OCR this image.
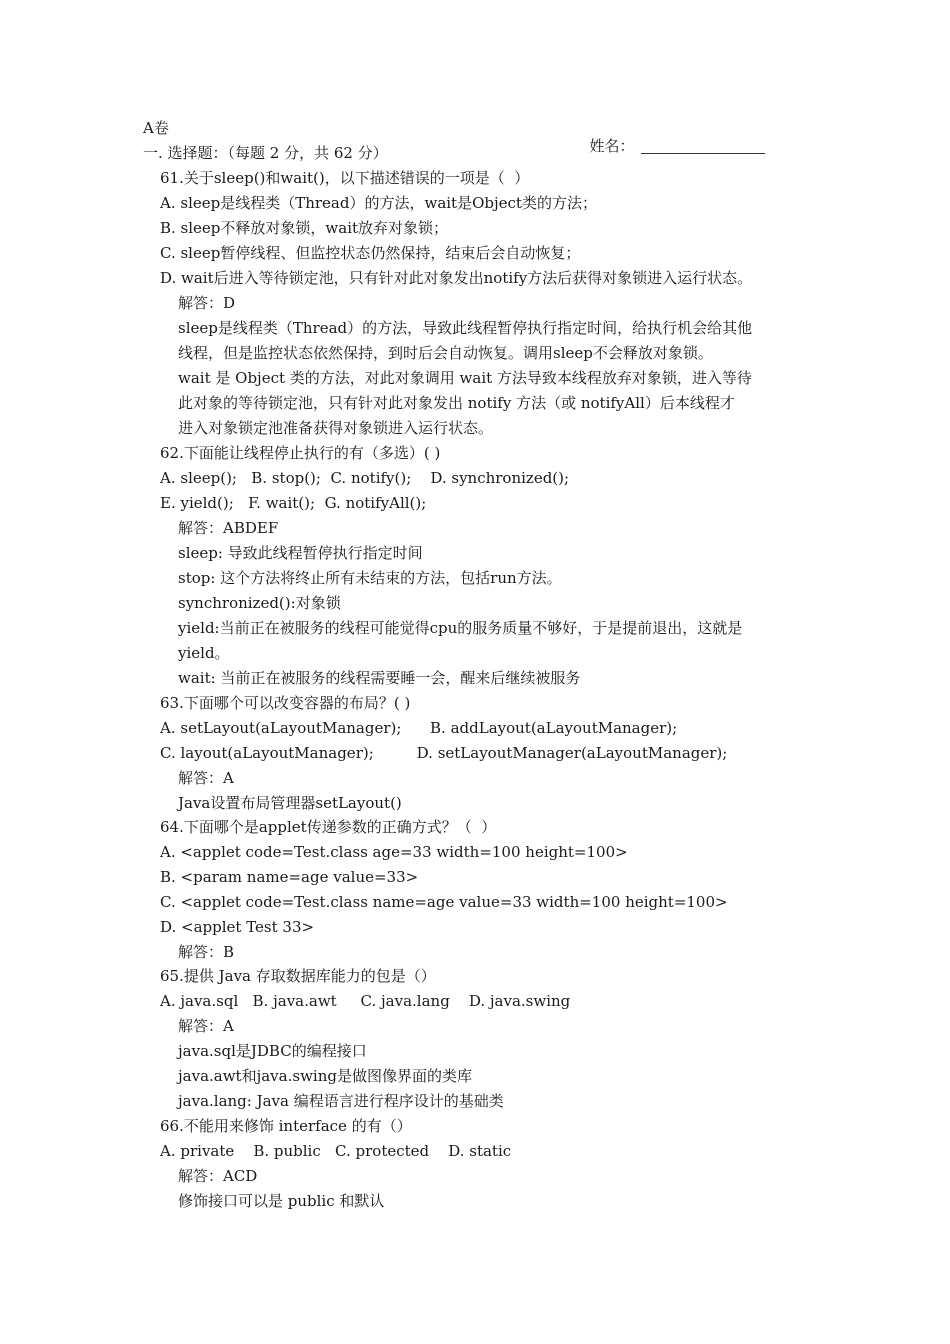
A卷

姓名：

一. 选择题：（每题 2 分，共 62 分）
61.关于sleep()和wait()，以下描述错误的一项是（  ）
A. sleep是线程类（Thread）的方法，wait是Object类的方法；
B. sleep不释放对象锁，wait放弃对象锁；
C. sleep暂停线程、但监控状态仍然保持，结束后会自动恢复；
D. wait后进入等待锁定池，只有针对此对象发出notify方法后获得对象锁进入运行状态。
解答：D
sleep是线程类（Thread）的方法，导致此线程暂停执行指定时间，给执行机会给其他
线程，但是监控状态依然保持，到时后会自动恢复。调用sleep不会释放对象锁。
wait 是 Object 类的方法，对此对象调用 wait 方法导致本线程放弃对象锁，进入等待
此对象的等待锁定池，只有针对此对象发出 notify 方法（或 notifyAll）后本线程才
进入对象锁定池准备获得对象锁进入运行状态。
62.下面能让线程停止执行的有（多选）( )
A. sleep();   B. stop();  C. notify();    D. synchronized();
E. yield();   F. wait();  G. notifyAll();
解答：ABDEF
sleep: 导致此线程暂停执行指定时间
stop: 这个方法将终止所有未结束的方法，包括run方法。
synchronized():对象锁
yield:当前正在被服务的线程可能觉得cpu的服务质量不够好，于是提前退出，这就是
yield。
wait: 当前正在被服务的线程需要睡一会，醒来后继续被服务
63.下面哪个可以改变容器的布局？( )
A. setLayout(aLayoutManager);      B. addLayout(aLayoutManager);
C. layout(aLayoutManager);         D. setLayoutManager(aLayoutManager);
解答：A
Java设置布局管理器setLayout()
64.下面哪个是applet传递参数的正确方式？（  ）
A. <applet code=Test.class age=33 width=100 height=100>
B. <param name=age value=33>
C. <applet code=Test.class name=age value=33 width=100 height=100>
D. <applet Test 33>
解答：B
65.提供 Java 存取数据库能力的包是（）
A. java.sql   B. java.awt     C. java.lang    D. java.swing
解答：A
java.sql是JDBC的编程接口
java.awt和java.swing是做图像界面的类库
java.lang: Java 编程语言进行程序设计的基础类
66.不能用来修饰 interface 的有（）
A. private    B. public   C. protected    D. static
解答：ACD
修饰接口可以是 public 和默认
